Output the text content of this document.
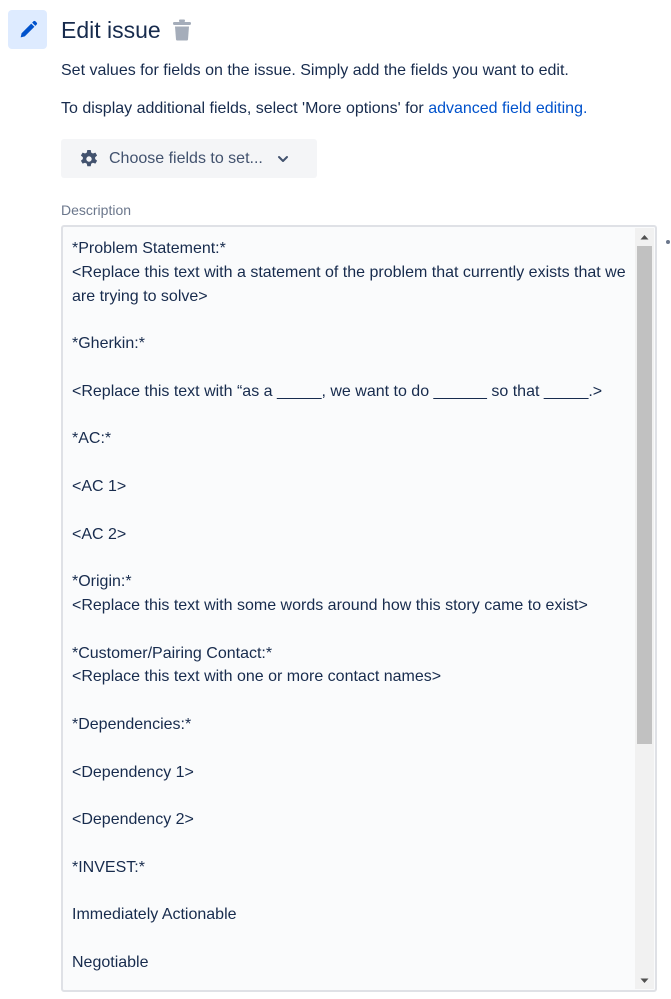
Edit issue
Set values for fields on the issue. Simply add the fields you want to edit.
To display additional fields, select 'More options' for advanced field editing.
Choose fields to set...
Description
*Problem Statement:*
<Replace this text with a statement of the problem that currently exists that we are trying to solve>

*Gherkin:*

<Replace this text with “as a _____, we want to do ______ so that _____.>

*AC:*

<AC 1>

<AC 2>

*Origin:*
<Replace this text with some words around how this story came to exist>

*Customer/Pairing Contact:*
<Replace this text with one or more contact names>

*Dependencies:*

<Dependency 1>

<Dependency 2>

*INVEST:*

Immediately Actionable

Negotiable
